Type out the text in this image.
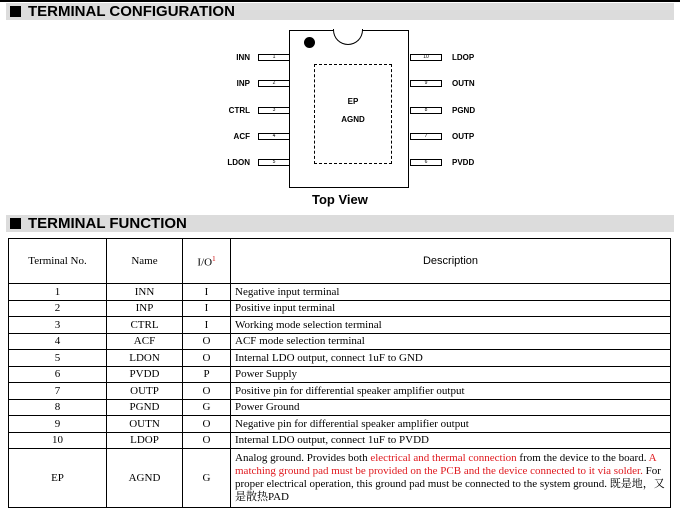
TERMINAL CONFIGURATION
EP
AGND
INN	1
INP	2
CTRL	3
ACF	4
LDON	5
10	LDOP
9	OUTN
8	PGND
7	OUTP
6	PVDD
Top View
TERMINAL FUNCTION
Terminal No.	Name	$I/O^1$	Description
1	INN	I	Negative input terminal
2	INP	I	Positive input terminal
3	CTRL	I	Working mode selection terminal
4	ACF	O	ACF mode selection terminal
5	LDON	O	Internal LDO output, connect 1uF to GND
6	PVDD	P	Power Supply
7	OUTP	O	Positive pin for differential speaker amplifier output
8	PGND	G	Power Ground
9	OUTN	O	Negative pin for differential speaker amplifier output
10	LDOP	O	Internal LDO output, connect 1uF to PVDD
EP	AGND	G	Analog ground. Provides both electrical and thermal connection from the device to the board. A matching ground pad must be provided on the PCB and the device connected to it via solder. For proper electrical operation, this ground pad must be connected to the system ground. 既是地，又是散热PAD
